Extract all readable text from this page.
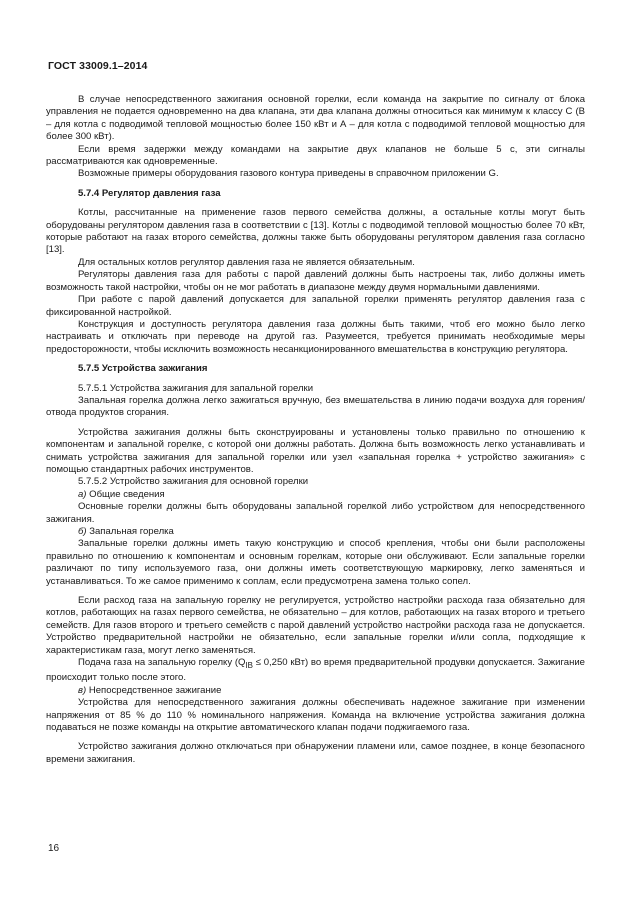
ГОСТ 33009.1–2014

В случае непосредственного зажигания основной горелки, если команда на закрытие по сигналу от блока управления не подается одновременно на два клапана, эти два клапана должны относиться как минимум к классу С (В – для котла с подводимой тепловой мощностью более 150 кВт и А – для котла с подводимой тепловой мощностью для более 300 кВт).

Если время задержки между командами на закрытие двух клапанов не больше 5 с, эти сигналы рассматриваются как одновременные.

Возможные примеры оборудования газового контура приведены в справочном приложении G.

5.7.4 Регулятор давления газа

Котлы, рассчитанные на применение газов первого семейства должны, а остальные котлы могут быть оборудованы регулятором давления газа в соответствии с [13]. Котлы с подводимой тепловой мощностью более 70 кВт, которые работают на газах второго семейства, должны также быть оборудованы регулятором давления газа согласно [13].

Для остальных котлов регулятор давления газа не является обязательным.

Регуляторы давления газа для работы с парой давлений должны быть настроены так, либо должны иметь возможность такой настройки, чтобы он не мог работать в диапазоне между двумя нормальными давлениями.

При работе с парой давлений допускается для запальной горелки применять регулятор давления газа с фиксированной настройкой.

Конструкция и доступность регулятора давления газа должны быть такими, чтоб его можно было легко настраивать и отключать при переводе на другой газ. Разумеется, требуется принимать необходимые меры предосторожности, чтобы исключить возможность несанкционированного вмешательства в конструкцию регулятора.

5.7.5 Устройства зажигания

5.7.5.1 Устройства зажигания для запальной горелки

Запальная горелка должна легко зажигаться вручную, без вмешательства в линию подачи воздуха для горения/отвода продуктов сгорания.

Устройства зажигания должны быть сконструированы и установлены только правильно по отношению к компонентам и запальной горелке, с которой они должны работать. Должна быть возможность легко устанавливать и снимать устройства зажигания для запальной горелки или узел «запальная горелка + устройство зажигания» с помощью стандартных рабочих инструментов.

5.7.5.2 Устройство зажигания для основной горелки

а) Общие сведения

Основные горелки должны быть оборудованы запальной горелкой либо устройством для непосредственного зажигания.

б) Запальная горелка

Запальные горелки должны иметь такую конструкцию и способ крепления, чтобы они были расположены правильно по отношению к компонентам и основным горелкам, которые они обслуживают. Если запальные горелки различают по типу используемого газа, они должны иметь соответствующую маркировку, легко заменяться и устанавливаться. То же самое применимо к соплам, если предусмотрена замена только сопел.

Если расход газа на запальную горелку не регулируется, устройство настройки расхода газа обязательно для котлов, работающих на газах первого семейства, не обязательно – для котлов, работающих на газах второго и третьего семейств. Для газов второго и третьего семейств с парой давлений устройство настройки расхода газа не допускается. Устройство предварительной настройки не обязательно, если запальные горелки и/или сопла, подходящие к характеристикам газа, могут легко заменяться.

Подача газа на запальную горелку ($Q_{IB} \le 0,250$ кВт) во время предварительной продувки допускается. Зажигание происходит только после этого.

в) Непосредственное зажигание

Устройства для непосредственного зажигания должны обеспечивать надежное зажигание при изменении напряжения от 85 % до 110 % номинального напряжения. Команда на включение устройства зажигания должна подаваться не позже команды на открытие автоматического клапан подачи поджигаемого газа.

Устройство зажигания должно отключаться при обнаружении пламени или, самое позднее, в конце безопасного времени зажигания.

16
